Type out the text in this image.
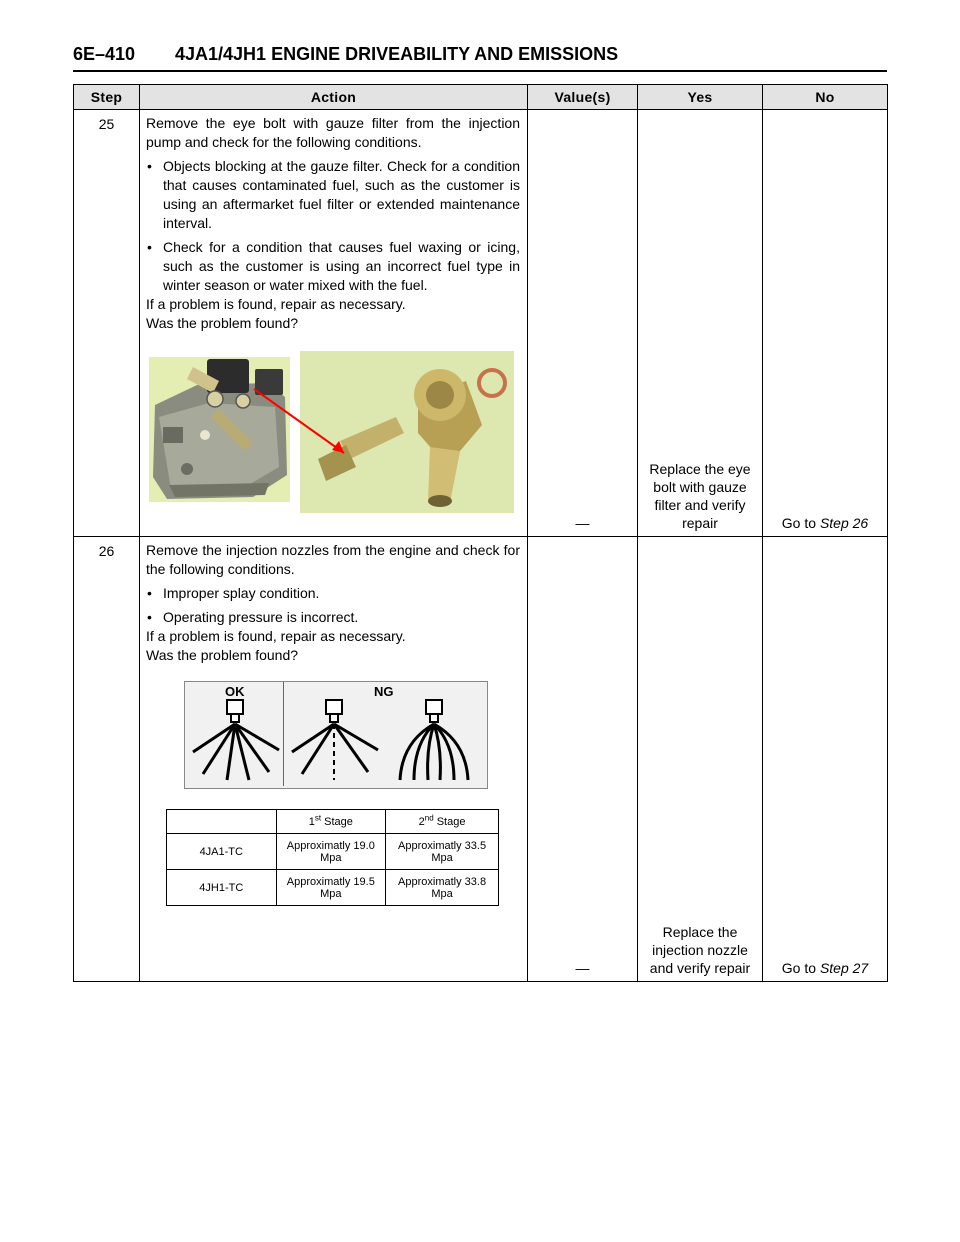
6E–410 4JA1/4JH1 ENGINE DRIVEABILITY AND EMISSIONS
Step	Action	Value(s)	Yes	No
25	Remove the eye bolt with gauze filter from the injection pump and check for the following conditions.

• Objects blocking at the gauze filter. Check for a condition that causes contaminated fuel, such as the customer is using an aftermarket fuel filter or extended maintenance interval.
• Check for a condition that causes fuel waxing or icing, such as the customer is using an incorrect fuel type in winter season or water mixed with the fuel.

If a problem is found, repair as necessary.

Was the problem found?

	—	Replace the eye bolt with gauze filter and verify repair	Go to Step 26
26	Remove the injection nozzles from the engine and check for the following conditions.

• Improper splay condition.
• Operating pressure is incorrect.

If a problem is found, repair as necessary.

Was the problem found?

OK	NG
	1st Stage	2nd Stage
4JA1-TC	Approximatly 19.0 Mpa	Approximatly 33.5 Mpa
4JH1-TC	Approximatly 19.5 Mpa	Approximatly 33.8 Mpa
	—	Replace the injection nozzle and verify repair	Go to Step 27
